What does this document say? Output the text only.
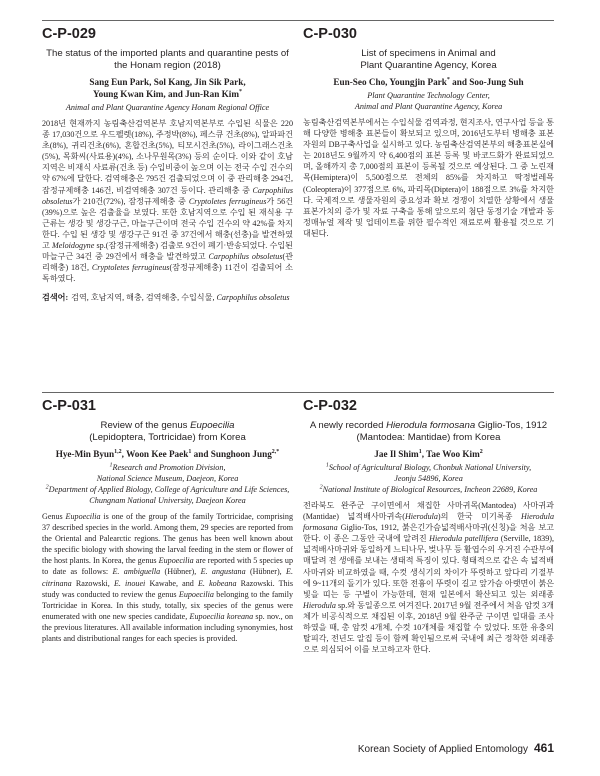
C-P-029
The status of the imported plants and quarantine pests of the Honam region (2018)
Sang Eun Park, Sol Kang, Jin Sik Park,
Young Kwan Kim, and Jun-Ran Kim*
Animal and Plant Quarantine Agency Honam Regional Office

2018년 현재까지 농림축산검역본부 호남지역본부로 수입된 식물은 220종 17,030건으로 우드펠렛(18%), 주정박(8%), 페스큐 건초(8%), 알파파건초(8%), 귀리건초(6%), 혼합건초(5%), 티모시건초(5%), 라이그래스건초(5%), 목화씨(사료용)(4%), 소나무원목(3%) 등의 순이다. 이와 같이 호남지역은 비재식 사료류(건초 등) 수입비중이 높으며 이는 전국 수입 건수의 약 67%에 달한다. 검역해충은 795건 검출되었으며 이 중 관리해충 294건, 잠정규제해충 146건, 비검역해충 307건 등이다. 관리해충 중 Carpophilus obsoletus가 210건(72%), 잠정규제해충 중 Cryptoletes ferrugineus가 56건(39%)으로 높은 검출율을 보였다. 또한 호남지역으로 수입 된 재식용 구근류는 생강 및 생강구근, 마늘구근이며 전국 수입 건수의 약 42%를 차지한다. 수입 된 생강 및 생강구근 91건 중 37건에서 해충(선충)을 발견하였고 Meloidogyne sp.(잠정규제해충) 검출로 9건이 폐기·반송되었다. 수입된 마늘구근 34건 중 29건에서 해충을 발견하였고 Carpophilus obsoletus(관리해충) 18건, Cryptoletes ferrugineus(잠정규제해충) 11건이 검출되어 소독하였다.

검색어: 검역, 호남지역, 해충, 검역해충, 수입식물, Carpophilus obsoletus
C-P-030
List of specimens in Animal and
Plant Quarantine Agency, Korea
Eun-Seo Cho, Youngjin Park* and Soo-Jung Suh
Plant Quarantine Technology Center,
Animal and Plant Quarantine Agency, Korea

농림축산검역본부에서는 수입식물 검역과정, 현지조사, 연구사업 등을 통해 다양한 병해충 표본들이 확보되고 있으며, 2016년도부터 병해충 표본자원의 DB구축사업을 실시하고 있다. 농림축산검역본부의 해충표본실에는 2018년도 9월까지 약 6,400점의 표본 등록 및 바코드화가 완료되었으며, 올해까지 총 7,000점의 표본이 등록될 것으로 예상된다. 그 중 노린재목(Hemiptera)이 5,500점으로 전체의 85%를 차지하고 딱정벌레목(Coleoptera)이 377점으로 6%, 파리목(Diptera)이 188점으로 3%를 차지한다. 국제적으로 생물자원의 중요성과 확보 경쟁이 치열한 상황에서 생물표본가치의 증가 및 자료 구축을 통해 앞으로의 첨단 동정기술 개발과 동정매뉴얼 제작 및 업데이트를 위한 필수적인 재료로써 활용될 것으로 기대된다.

C-P-031
Review of the genus Eupoecilia
(Lepidoptera, Tortricidae) from Korea
Hye-Min Byun$^{1,2}$, Woon Kee Paek$^1$ and Sunghoon Jung$^{2,*}$
$^1$Research and Promotion Division,
National Science Museum, Daejeon, Korea
$^2$Department of Applied Biology, College of Agriculture and Life Sciences,
Chungnam National University, Daejeon Korea

Genus Eupoecilia is one of the group of the family Tortricidae, comprising 37 described species in the world. Among them, 29 species are reported from the Oriental and Palearctic regions. The genus has been well known about the specific biology with showing the larval feeding in the stem or flower of the host plants. In Korea, the genus Eupoecilia are reported with 5 species up to date as follows: E. ambiguella (Hübner), E. angustana (Hübner), E. citrinana Razowski, E. inouei Kawabe, and E. kobeana Razowski. This study was conducted to review the genus Eupoecilia belonging to the family Tortricidae in Korea. In this study, totally, six species of the genus were enumerated with one new species candidate, Eupoecilia koreana sp. nov., on the previous literatures. All available information including synonymies, host plants and distributional ranges for each species is provided.

C-P-032
A newly recorded Hierodula formosana Giglio-Tos, 1912
(Mantodea: Mantidae) from Korea
Jae Il Shim$^1$, Tae Woo Kim$^2$
$^1$School of Agricultural Biology, Chonbuk National University,
Jeonju 54896, Korea
$^2$National Institute of Biological Resources, Incheon 22689, Korea

전라북도 완주군 구이면에서 채집한 사마귀목(Mantodea) 사마귀과(Mantidae) 넓적배사마귀속(Hierodula)의 한국 미기록종 Hierodula formosana Giglio-Tos, 1912, 붉은긴가슴넓적배사마귀(신칭)을 처음 보고한다. 이 종은 그동안 국내에 알려진 Hierodula patellifera (Serville, 1839), 넓적배사마귀와 동일하게 느티나무, 벚나무 등 활엽수의 우거진 수관부에 매달려 전 생애를 보내는 생태적 특징이 있다. 형태적으로 같은 속 넓적배사마귀와 비교하였을 때, 수컷 생식기의 차이가 뚜렷하고 앞다리 기절부에 9~11개의 돌기가 있다. 또한 전흉이 뚜렷이 길고 앞가슴 아랫면이 붉은 빛을 띠는 등 구별이 가능한데, 현재 일본에서 확산되고 있는 외래종 Hierodula sp.와 동일종으로 여겨진다. 2017년 9월 전주에서 처음 암컷 3개체가 비공식적으로 채집된 이후, 2018년 9월 완주군 구이면 일대를 조사하였을 때, 총 암컷 4개체, 수컷 10개체를 채집할 수 있었다. 또한 유충의 탈피각, 전년도 알집 등이 함께 확인됨으로써 국내에 최근 정착한 외래종으로 의심되어 이를 보고하고자 한다.

Korean Society of Applied Entomology 461
